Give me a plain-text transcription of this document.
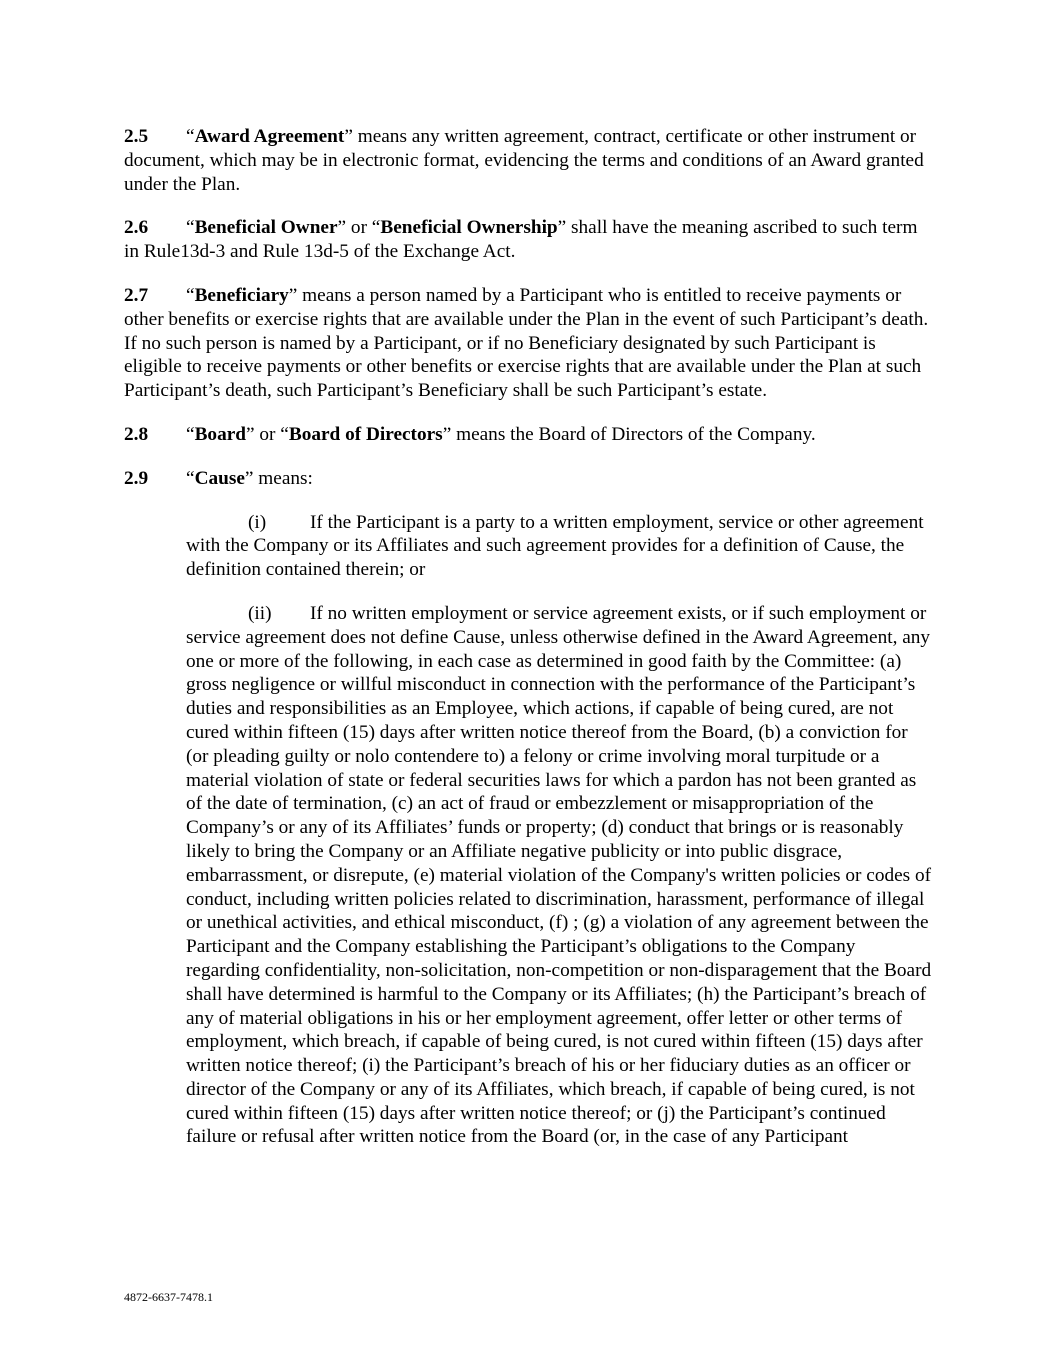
2.5 “Award Agreement” means any written agreement, contract, certificate or other instrument or document, which may be in electronic format, evidencing the terms and conditions of an Award granted under the Plan.

2.6 “Beneficial Owner” or “Beneficial Ownership” shall have the meaning ascribed to such term in Rule13d-3 and Rule 13d-5 of the Exchange Act.

2.7 “Beneficiary” means a person named by a Participant who is entitled to receive payments or other benefits or exercise rights that are available under the Plan in the event of such Participant’s death. If no such person is named by a Participant, or if no Beneficiary designated by such Participant is eligible to receive payments or other benefits or exercise rights that are available under the Plan at such Participant’s death, such Participant’s Beneficiary shall be such Participant’s estate.

2.8 “Board” or “Board of Directors” means the Board of Directors of the Company.

2.9 “Cause” means:

(i) If the Participant is a party to a written employment, service or other agreement with the Company or its Affiliates and such agreement provides for a definition of Cause, the definition contained therein; or

(ii) If no written employment or service agreement exists, or if such employment or service agreement does not define Cause, unless otherwise defined in the Award Agreement, any one or more of the following, in each case as determined in good faith by the Committee: (a) gross negligence or willful misconduct in connection with the performance of the Participant’s duties and responsibilities as an Employee, which actions, if capable of being cured, are not cured within fifteen (15) days after written notice thereof from the Board, (b) a conviction for (or pleading guilty or nolo contendere to) a felony or crime involving moral turpitude or a material violation of state or federal securities laws for which a pardon has not been granted as of the date of termination, (c) an act of fraud or embezzlement or misappropriation of the Company’s or any of its Affiliates’ funds or property; (d) conduct that brings or is reasonably likely to bring the Company or an Affiliate negative publicity or into public disgrace, embarrassment, or disrepute, (e) material violation of the Company's written policies or codes of conduct, including written policies related to discrimination, harassment, performance of illegal or unethical activities, and ethical misconduct, (f) ; (g) a violation of any agreement between the Participant and the Company establishing the Participant’s obligations to the Company regarding confidentiality, non-solicitation, non-competition or non-disparagement that the Board shall have determined is harmful to the Company or its Affiliates; (h) the Participant’s breach of any of material obligations in his or her employment agreement, offer letter or other terms of employment, which breach, if capable of being cured, is not cured within fifteen (15) days after written notice thereof; (i) the Participant’s breach of his or her fiduciary duties as an officer or director of the Company or any of its Affiliates, which breach, if capable of being cured, is not cured within fifteen (15) days after written notice thereof; or (j) the Participant’s continued failure or refusal after written notice from the Board (or, in the case of any Participant

4872-6637-7478.1
